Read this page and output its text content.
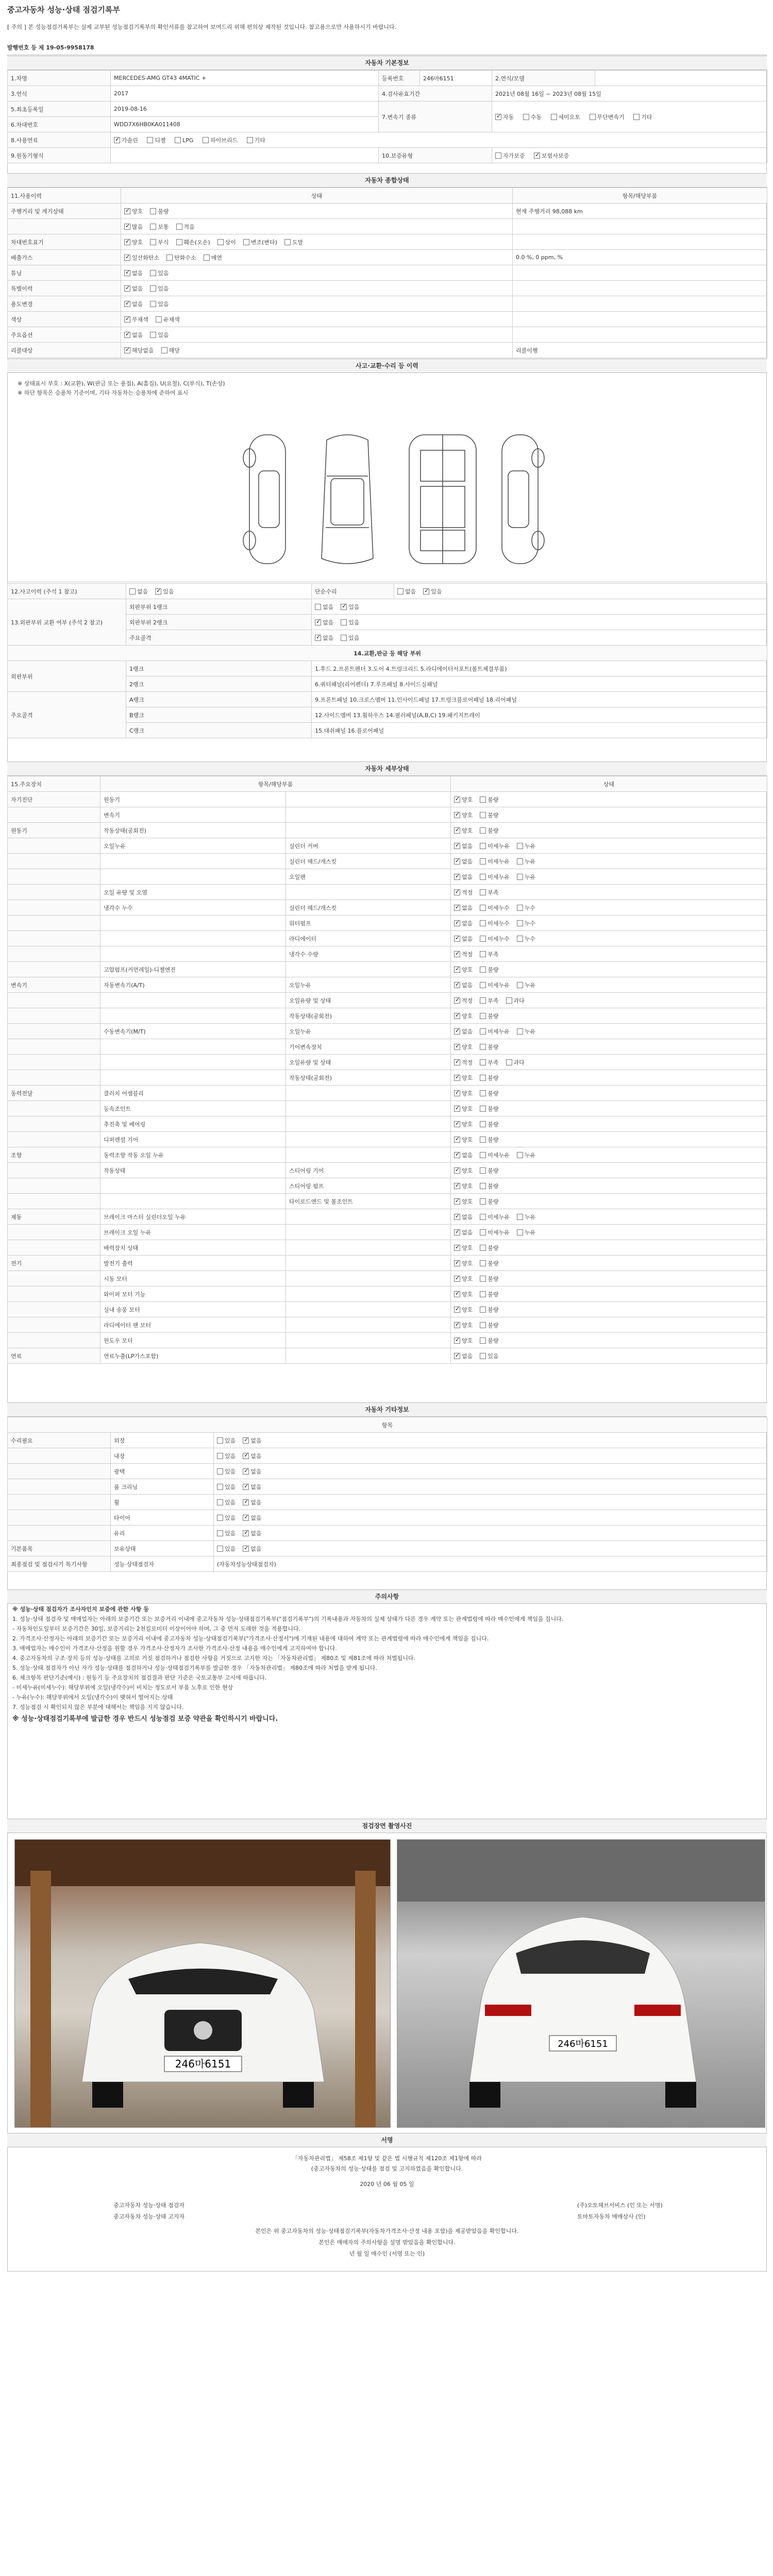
중고자동차 성능·상태 점검기록부
[ 주의 ] 본 성능점검기록부는 실제 교부된 성능점검기록부의 확인서류를 참고하여 보여드리 위해 편의상 제작된 것입니다. 참고용으로만 사용하시기 바랍니다.
발행번호 등 제 19-05-9958178
자동차 기본정보
1.차명	MERCEDES-AMG GT43 4MATIC +	등록번호	246마6151	2.연식/모델	
3.연식	2017	4.검사유효기간		2021년 08월 16일 ~ 2023년 08월 15일	
5.최초등록일	2019-08-16	7.변속기 종류	✓자동 수동 세미오토 무단변속기 기타
6.차대번호	WDD7X6HB0KA011408				
8.사용연료	✓가솔린 디젤 LPG 하이브리드 기타
9.원동기형식		10.보증유형		자가보증 ✓ 보험사보증
자동차 종합상태
11.사용이력	상태	항목/해당부품
주행거리 및 계기상태	✓양호 불량	현재 주행거리 98,088 km
	✓많음 보통 적음	
차대번호표기	✓양호 부식 훼손(오손) 상이 변조(변타) 도말	
배출가스	✓일산화탄소 탄화수소 매연	0.0 %, 0 ppm, %
튜닝	✓없음 있음	
특별이력	✓없음 있음	
용도변경	✓없음 있음	
색상	✓무채색 유채색	
주요옵션	✓없음 있음	
리콜대상	✓해당없음 해당	리콜이행
사고·교환·수리 등 이력
※ 상태표시 부호 : X(교환), W(판금 또는 용접), A(흠집), U(요철), C(부식), T(손상)
※ 하단 항목은 승용차 기준이며, 기타 자동차는 승용차에 준하여 표시
12.사고이력 (주석 1 참고)	없음 ✓ 있음	단순수리	없음 ✓ 있음
13.외판부위 교환 여부 (주석 2 참고)	외판부위 1랭크	없음 ✓ 있음
	외판부위 2랭크	✓없음 있음
	주요골격	✓없음 있음
14.교환,판금 등 해당 부위			
외판부위	1랭크	1.후드 2.프론트펜더 3.도어 4.트렁크리드 5.라디에이터서포트(볼트체결부품)	
	2랭크	6.쿼터패널(리어펜더) 7.루프패널 8.사이드실패널	
주요골격	A랭크	9.프론트패널 10.크로스멤버 11.인사이드패널 17.트렁크플로어패널 18.리어패널	
	B랭크	12.사이드멤버 13.휠하우스 14.필러패널(A,B,C) 19.패키지트레이	
	C랭크	15.대쉬패널 16.플로어패널	
자동차 세부상태
15.주요장치	항목/해당부품		상태
자기진단	원동기		✓양호 불량
	변속기		✓양호 불량
원동기	작동상태(공회전)		✓양호 불량
	오일누유	실린더 커버	✓없음 미세누유 누유
		실린더 헤드/개스킷	✓없음 미세누유 누유
		오일팬	✓없음 미세누유 누유
	오일 유량 및 오염		✓적정 부족
	냉각수 누수	실린더 헤드/개스킷	✓없음 미세누수 누수
		워터펌프	✓없음 미세누수 누수
		라디에이터	✓없음 미세누수 누수
		냉각수 수량	✓적정 부족
	고압펌프(커먼레일)-디젤엔진		✓양호 불량
변속기	자동변속기(A/T)	오일누유	✓없음 미세누유 누유
		오일유량 및 상태	✓적정 부족 과다
		작동상태(공회전)	✓양호 불량
	수동변속기(M/T)	오일누유	✓없음 미세누유 누유
		기어변속장치	✓양호 불량
		오일유량 및 상태	✓적정 부족 과다
		작동상태(공회전)	✓양호 불량
동력전달	클러치 어셈블리		✓양호 불량
	등속조인트		✓양호 불량
	추진축 및 베어링		✓양호 불량
	디퍼렌셜 기어		✓양호 불량
조향	동력조향 작동 오일 누유		✓없음 미세누유 누유
	작동상태	스티어링 기어	✓양호 불량
		스티어링 펌프	✓양호 불량
		타이로드엔드 및 볼조인트	✓양호 불량
제동	브레이크 마스터 실린더오일 누유		✓없음 미세누유 누유
	브레이크 오일 누유		✓없음 미세누유 누유
	배력장치 상태		✓양호 불량
전기	발전기 출력		✓양호 불량
	시동 모터		✓양호 불량
	와이퍼 모터 기능		✓양호 불량
	실내 송풍 모터		✓양호 불량
	라디에이터 팬 모터		✓양호 불량
	윈도우 모터		✓양호 불량
연료	연료누출(LP가스포함)		✓없음 있음
자동차 기타정보
항목		
수리필요	외장	있음 ✓ 없음
	내장	있음 ✓ 없음
	광택	있음 ✓ 없음
	룸 크리닝	있음 ✓ 없음
	휠	있음 ✓ 없음
	타이어	있음 ✓ 없음
	유리	있음 ✓ 없음
기본품목	보유상태	있음 ✓ 없음
최종점검 및 점검시기 특기사항	성능·상태점검자	(자동차성능상태점검자)
주의사항

※ 성능·상태 점검자가 조사자인지 보증에 관한 사항 등

1. 성능·상태 점검자 및 매매업자는 아래의 보증기간 또는 보증거리 이내에 중고자동차 성능·상태점검기록부("점검기록부")의 기록내용과 자동차의 실제 상태가 다른 경우 계약 또는 관계법령에 따라 매수인에게 책임을 집니다.

- 자동차인도일부터 보증기간은 30일, 보증거리는 2천킬로미터 이상이어야 하며, 그 중 먼저 도래한 것을 적용합니다.

2. 가격조사·산정자는 아래의 보증기간 또는 보증거리 이내에 중고자동차 성능·상태점검기록부("가격조사·산정서")에 기재된 내용에 대하여 계약 또는 관계법령에 따라 매수인에게 책임을 집니다.

3. 매매업자는 매수인이 가격조사·산정을 원할 경우 가격조사·산정자가 조사한 가격조사·산정 내용을 매수인에게 고지하여야 합니다.

4. 중고자동차의 구조·장치 등의 성능·상태를 고의로 거짓 점검하거나 점검한 사항을 거짓으로 고지한 자는 「자동차관리법」 제80조 및 제81조에 따라 처벌됩니다.

5. 성능·상태 점검자가 아닌 자가 성능·상태를 점검하거나 성능·상태점검기록부를 발급한 경우 「자동차관리법」 제80조에 따라 처벌을 받게 됩니다.

6. 체크항목 판단기준(예시) : 원동기 등 주요장치의 점검결과 판단 기준은 국토교통부 고시에 따릅니다.

- 미세누유(미세누수): 해당부위에 오일(냉각수)이 비치는 정도로서 부품 노후로 인한 현상

- 누유(누수): 해당부위에서 오일(냉각수)이 맺혀서 떨어지는 상태

7. 성능점검 시 확인되지 않은 부분에 대해서는 책임을 지지 않습니다.

※ 성능·상태점검기록부에 발급한 경우 반드시 성능점검 보증 약관을 확인하시기 바랍니다.

점검장면 촬영사진
246마6151
246마6151
서명
「자동차관리법」 제58조 제1항 및 같은 법 시행규칙 제120조 제1항에 따라
(중고자동차의 성능·상태를 점검 및 고지하였음을 확인합니다.
2020 년 06 월 05 일
중고자동차 성능·상태 점검자
중고자동차 성능·상태 고지자
(주)오토헤브서비스 (인 또는 서명)
토마토자동차 매매상사 (인)
본인은 위 중고자동차의 성능·상태점검기록부(자동차가격조사·산정 내용 포함)을 제공받았음을 확인합니다.
본인은 매매자의 주의사항을 설명 받았음을 확인합니다.
년 월 일 매수인 (서명 또는 인)
